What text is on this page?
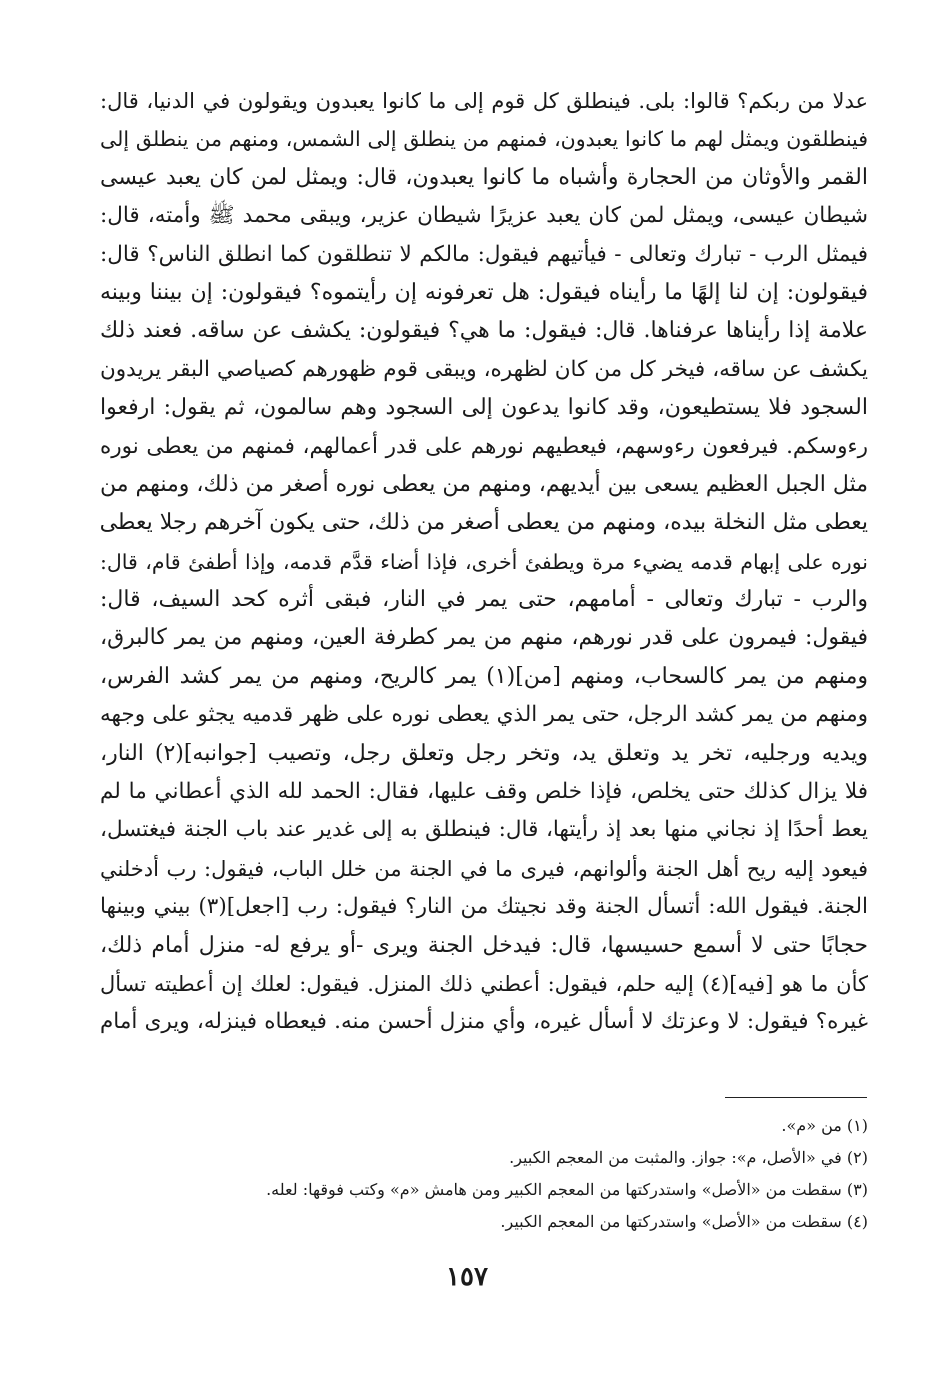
عدلا من ربكم؟ قالوا: بلى. فينطلق كل قوم إلى ما كانوا يعبدون ويقولون في الدنيا، قال:
فينطلقون ويمثل لهم ما كانوا يعبدون، فمنهم من ينطلق إلى الشمس، ومنهم من ينطلق إلى
القمر والأوثان من الحجارة وأشباه ما كانوا يعبدون، قال: ويمثل لمن كان يعبد عيسى
شيطان عيسى، ويمثل لمن كان يعبد عزيرًا شيطان عزير، ويبقى محمد ﷺ وأمته، قال:
فيمثل الرب - تبارك وتعالى - فيأتيهم فيقول: مالكم لا تنطلقون كما انطلق الناس؟ قال:
فيقولون: إن لنا إلهًا ما رأيناه فيقول: هل تعرفونه إن رأيتموه؟ فيقولون: إن بيننا وبينه
علامة إذا رأيناها عرفناها. قال: فيقول: ما هي؟ فيقولون: يكشف عن ساقه. فعند ذلك
يكشف عن ساقه، فيخر كل من كان لظهره، ويبقى قوم ظهورهم كصياصي البقر يريدون
السجود فلا يستطيعون، وقد كانوا يدعون إلى السجود وهم سالمون، ثم يقول: ارفعوا
رءوسكم. فيرفعون رءوسهم، فيعطيهم نورهم على قدر أعمالهم، فمنهم من يعطى نوره
مثل الجبل العظيم يسعى بين أيديهم، ومنهم من يعطى نوره أصغر من ذلك، ومنهم من
يعطى مثل النخلة بيده، ومنهم من يعطى أصغر من ذلك، حتى يكون آخرهم رجلا يعطى
نوره على إبهام قدمه يضيء مرة ويطفئ أخرى، فإذا أضاء قدَّم قدمه، وإذا أطفئ قام، قال:
والرب - تبارك وتعالى - أمامهم، حتى يمر في النار، فبقى أثره كحد السيف، قال:
فيقول: فيمرون على قدر نورهم، منهم من يمر كطرفة العين، ومنهم من يمر كالبرق،
ومنهم من يمر كالسحاب، ومنهم [من](١) يمر كالريح، ومنهم من يمر كشد الفرس،
ومنهم من يمر كشد الرجل، حتى يمر الذي يعطى نوره على ظهر قدميه يجثو على وجهه
ويديه ورجليه، تخر يد وتعلق يد، وتخر رجل وتعلق رجل، وتصيب [جوانبه](٢) النار،
فلا يزال كذلك حتى يخلص، فإذا خلص وقف عليها، فقال: الحمد لله الذي أعطاني ما لم
يعط أحدًا إذ نجاني منها بعد إذ رأيتها، قال: فينطلق به إلى غدير عند باب الجنة فيغتسل،
فيعود إليه ريح أهل الجنة وألوانهم، فيرى ما في الجنة من خلل الباب، فيقول: رب أدخلني
الجنة. فيقول الله: أتسأل الجنة وقد نجيتك من النار؟ فيقول: رب [اجعل](٣) بيني وبينها
حجابًا حتى لا أسمع حسيسها، قال: فيدخل الجنة ويرى -أو يرفع له- منزل أمام ذلك،
كأن ما هو [فيه](٤) إليه حلم، فيقول: أعطني ذلك المنزل. فيقول: لعلك إن أعطيته تسأل
غيره؟ فيقول: لا وعزتك لا أسأل غيره، وأي منزل أحسن منه. فيعطاه فينزله، ويرى أمام
(١) من «م».
(٢) في «الأصل، م»: جواز. والمثبت من المعجم الكبير.
(٣) سقطت من «الأصل» واستدركتها من المعجم الكبير ومن هامش «م» وكتب فوقها: لعله.
(٤) سقطت من «الأصل» واستدركتها من المعجم الكبير.
١٥٧
